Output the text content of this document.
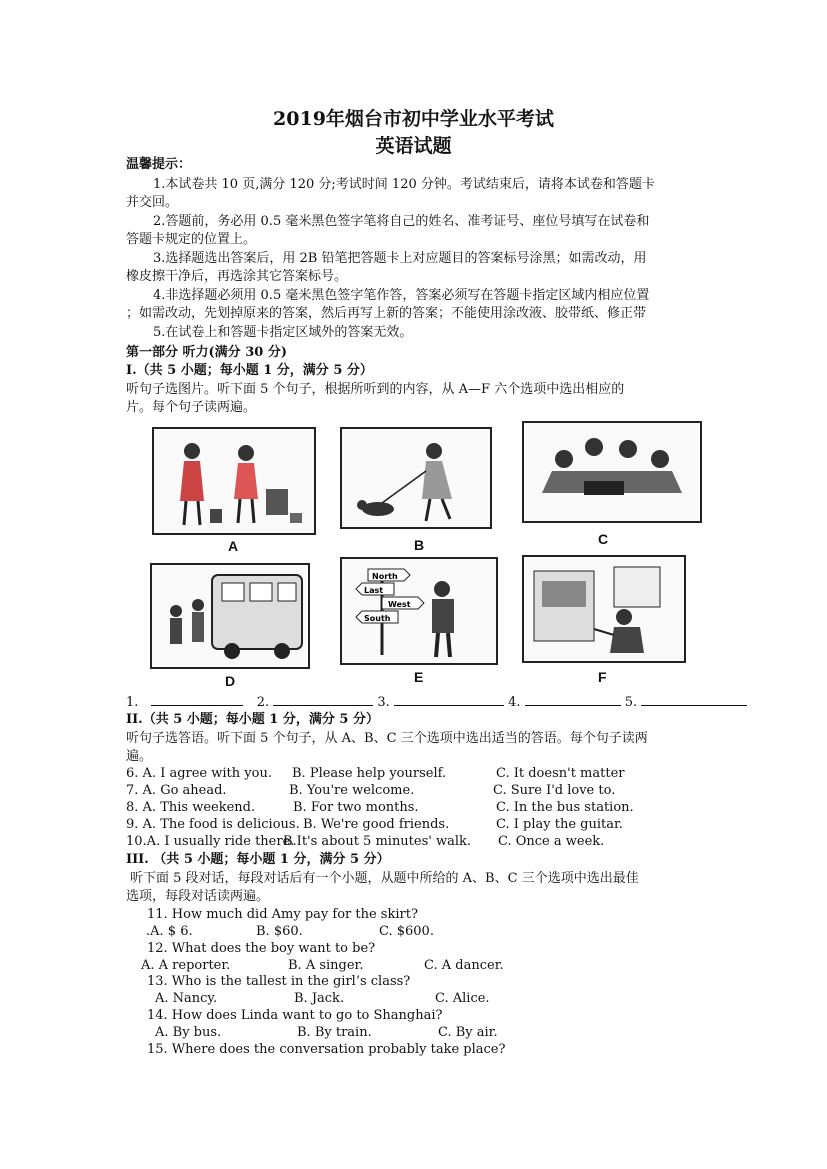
2019年烟台市初中学业水平考试
英语试题
温馨提示：
1.本试卷共 10 页,满分 120 分;考试时间 120 分钟。考试结束后，请将本试卷和答题卡
并交回。
2.答题前，务必用 0.5 毫米黑色签字笔将自己的姓名、准考证号、座位号填写在试卷和
答题卡规定的位置上。
3.选择题选出答案后，用 2B 铅笔把答题卡上对应题目的答案标号涂黑；如需改动，用
橡皮擦干净后，再选涂其它答案标号。
4.非选择题必须用 0.5 毫米黑色签字笔作答，答案必须写在答题卡指定区域内相应位置
；如需改动，先划掉原来的答案，然后再写上新的答案；不能使用涂改液、胶带纸、修正带
5.在试卷上和答题卡指定区域外的答案无效。
第一部分 听力(满分 30 分)
I.（共 5 小题；每小题 1 分，满分 5 分）
听句子选图片。听下面 5 个句子，根据所听到的内容，从 A—F 六个选项中选出相应的
片。每个句子读两遍。
North
Last
West
South
A	B	C
D	E	F
1.	2.	3.	4.	5.
II.（共 5 小题；每小题 1 分，满分 5 分）
听句子选答语。听下面 5 个句子，从 A、B、C 三个选项中选出适当的答语。每个句子读两
遍。
6. A. I agree with you. B. Please help yourself.	C. It doesn't matter
7. A. Go ahead.	B. You're welcome.	C. Sure I'd love to.
8. A. This weekend.	B. For two months.	C. In the bus station.
9. A. The food is delicious. B. We're good friends.	C. I play the guitar.
10.A. I usually ride there.
B.It's about 5 minutes' walk. C. Once a week.
III. （共 5 小题；每小题 1 分，满分 5 分）
听下面 5 段对话，每段对话后有一个小题，从题中所给的 A、B、C 三个选项中选出最佳
选项，每段对话读两遍。
11. How much did Amy pay for the skirt?
.A. $ 6.	B. $60.	C. $600.
12. What does the boy want to be?
A. A reporter.	B. A singer.	C. A dancer.
13. Who is the tallest in the girl’s class?
A. Nancy.	B. Jack.	C. Alice.
14. How does Linda want to go to Shanghai?
A. By bus.	B. By train.	C. By air.
15. Where does the conversation probably take place?
